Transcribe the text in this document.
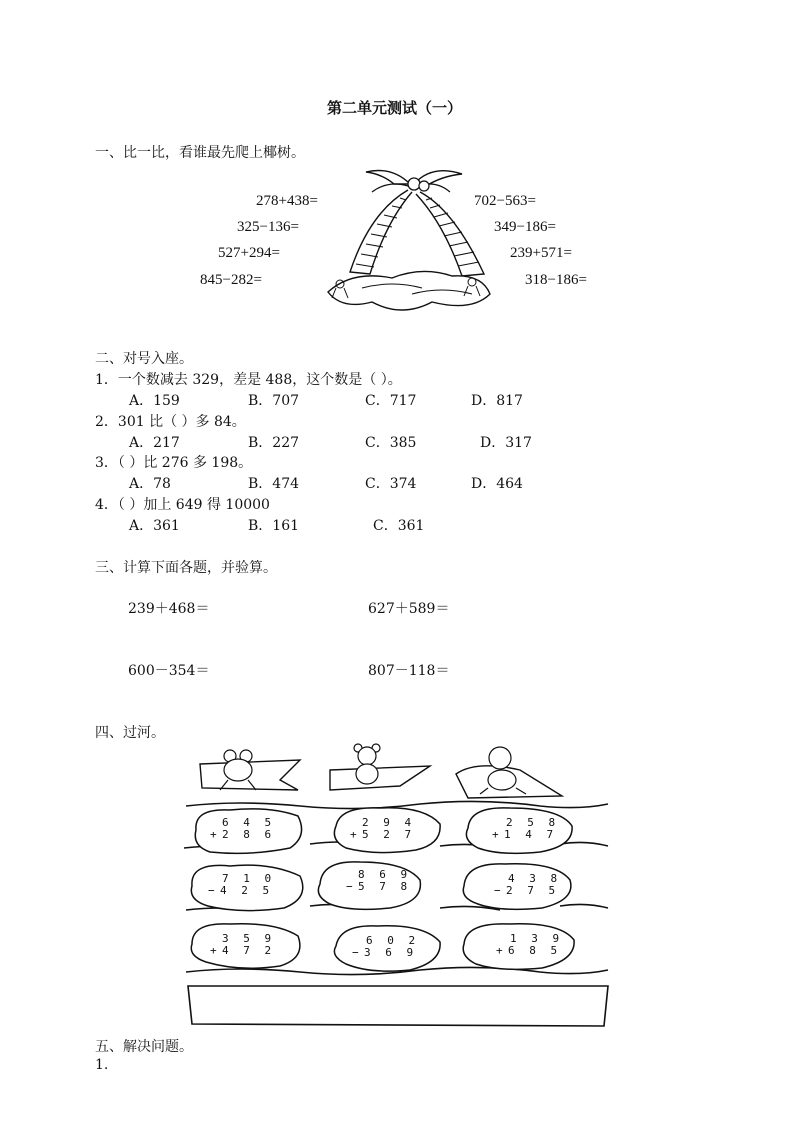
第二单元测试（一）
一、比一比，看谁最先爬上椰树。
278+438=
325−136=
527+294=
845−282=
702−563=
349−186=
239+571=
318−186=
二、对号入座。
1．一个数减去 329，差是 488，这个数是（ ）。
A．159	B．707	C．717	D．817
2．301 比（ ）多 84。
A．217	B．227	C．385	D．317
3．（ ）比 276 多 198。
A．78	B．474	C．374	D．464
4．（ ）加上 649 得 10000
A．361	B．161	C．361
三、计算下面各题，并验算。
239＋468＝	627＋589＝
600－354＝	807－118＝
四、过河。
6 4 5
+ 2 8 6
2 9 4
+ 5 2 7
2 5 8
+ 1 4 7
7 1 0
− 4 2 5
8 6 9
− 5 7 8
4 3 8
− 2 7 5
3 5 9
+ 4 7 2
6 0 2
− 3 6 9
1 3 9
+ 6 8 5
五、解决问题。
1.
